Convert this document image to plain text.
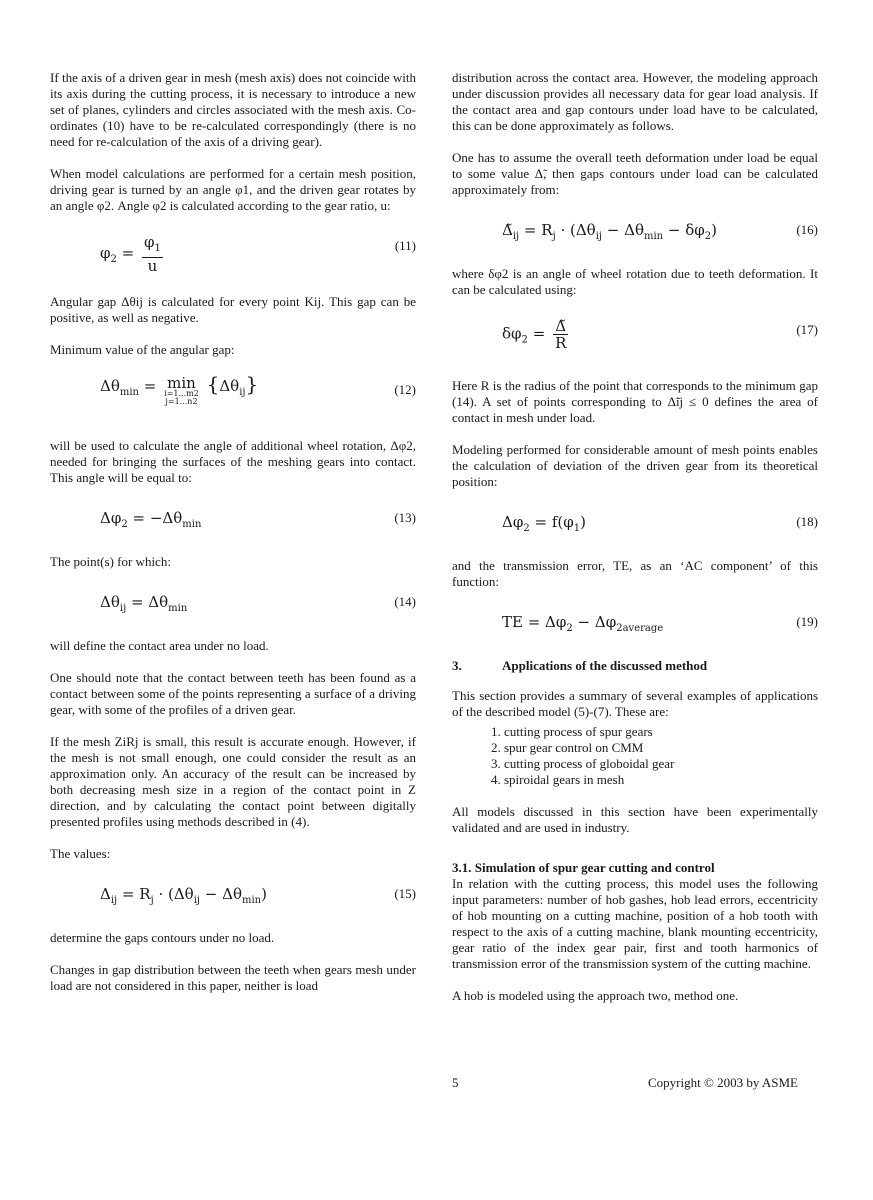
If the axis of a driven gear in mesh (mesh axis) does not coincide with its axis during the cutting process, it is necessary to introduce a new set of planes, cylinders and circles associated with the mesh axis. Co-ordinates (10) have to be re-calculated correspondingly (there is no need for re-calculation of the axis of a driving gear).

When model calculations are performed for a certain mesh position, driving gear is turned by an angle φ1, and the driven gear rotates by an angle φ2. Angle φ2 is calculated according to the gear ratio, u:

$\varphi_2 = \frac{\varphi_1}{u}$	(11)

Angular gap Δθij is calculated for every point Kij. This gap can be positive, as well as negative.

Minimum value of the angular gap:

$\Delta\theta_{min} = \min$
i=1...m2
j=1...n2
$\{\Delta\theta_{ij}\}$	(12)

will be used to calculate the angle of additional wheel rotation, Δφ2, needed for bringing the surfaces of the meshing gears into contact. This angle will be equal to:

$\Delta\varphi_2 = -\Delta\theta_{min}$	(13)

The point(s) for which:

$\Delta\theta_{ij} = \Delta\theta_{min}$	(14)

will define the contact area under no load.

One should note that the contact between teeth has been found as a contact between some of the points representing a surface of a driving gear, with some of the profiles of a driven gear.

If the mesh ZiRj is small, this result is accurate enough. However, if the mesh is not small enough, one could consider the result as an approximation only. An accuracy of the result can be increased by both decreasing mesh size in a region of the contact point in Z direction, and by calculating the contact point between digitally presented profiles using methods described in (4).

The values:

$\Delta_{ij} = R_j \cdot (\Delta\theta_{ij} - \Delta\theta_{min})$	(15)

determine the gaps contours under no load.

Changes in gap distribution between the teeth when gears mesh under load are not considered in this paper, neither is load

distribution across the contact area. However, the modeling approach under discussion provides all necessary data for gear load analysis. If the contact area and gap contours under load have to be calculated, this can be done approximately as follows.

One has to assume the overall teeth deformation under load be equal to some value Δ̃, then gaps contours under load can be calculated approximately from:

$\Deltã_{ij} = R_j \cdot (\Delta\theta_{ij} - \Delta\theta_{min} - \delta\varphi_2)$	(16)

where δφ2 is an angle of wheel rotation due to teeth deformation. It can be calculated using:

$\delta\varphi_2 = \frac{\Deltã}{R}$	(17)

Here R is the radius of the point that corresponds to the minimum gap (14). A set of points corresponding to Δ̃ij ≤ 0 defines the area of contact in mesh under load.

Modeling performed for considerable amount of mesh points enables the calculation of deviation of the driven gear from its theoretical position:

$\Delta\varphi_2 = f(\varphi_1)$	(18)

and the transmission error, TE, as an ‘AC component’ of this function:

TE = $\Delta\varphi_2 - \Delta\varphi_{2average}$	(19)
3.	Applications of the discussed method

This section provides a summary of several examples of applications of the described model (5)-(7). These are:

1. cutting process of spur gears
2. spur gear control on CMM
3. cutting process of globoidal gear
4. spiroidal gears in mesh

All models discussed in this section have been experimentally validated and are used in industry.

3.1. Simulation of spur gear cutting and control

In relation with the cutting process, this model uses the following input parameters: number of hob gashes, hob lead errors, eccentricity of hob mounting on a cutting machine, position of a hob tooth with respect to the axis of a cutting machine, blank mounting eccentricity, gear ratio of the index gear pair, first and tooth harmonics of transmission error of the transmission system of the cutting machine.

A hob is modeled using the approach two, method one.

5	Copyright © 2003 by ASME
